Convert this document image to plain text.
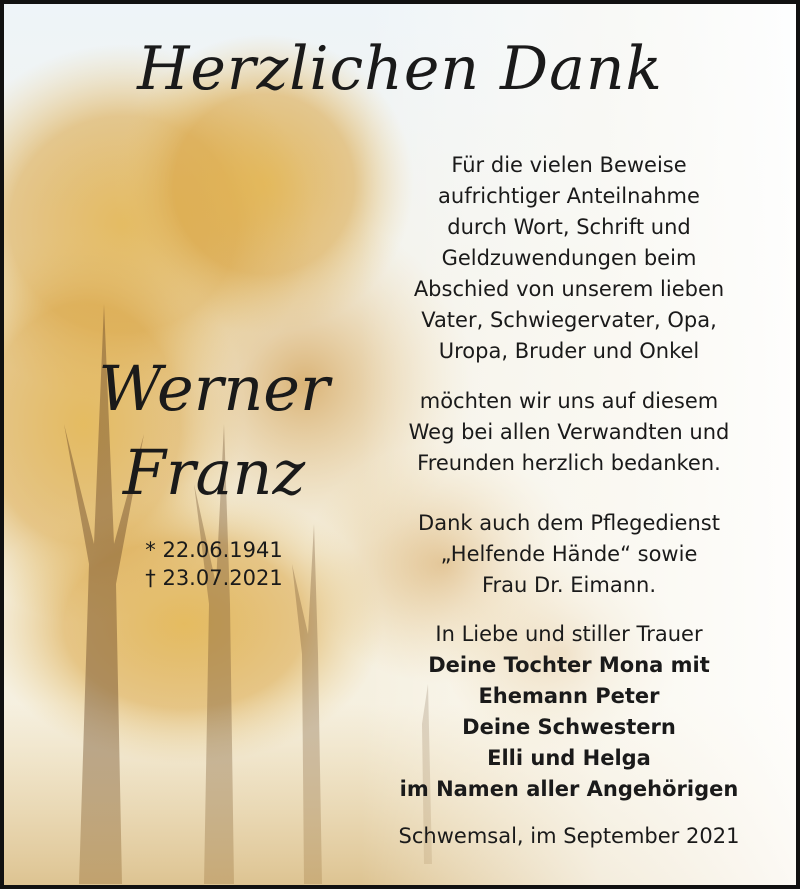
Herzlichen Dank
Werner
Franz
* 22.06.1941
† 23.07.2021
Für die vielen Beweise
aufrichtiger Anteilnahme
durch Wort, Schrift und
Geldzuwendungen beim
Abschied von unserem lieben
Vater, Schwiegervater, Opa,
Uropa, Bruder und Onkel
möchten wir uns auf diesem
Weg bei allen Verwandten und
Freunden herzlich bedanken.
Dank auch dem Pflegedienst
„Helfende Hände“ sowie
Frau Dr. Eimann.
In Liebe und stiller Trauer
Deine Tochter Mona mit
Ehemann Peter
Deine Schwestern
Elli und Helga
im Namen aller Angehörigen
Schwemsal, im September 2021
